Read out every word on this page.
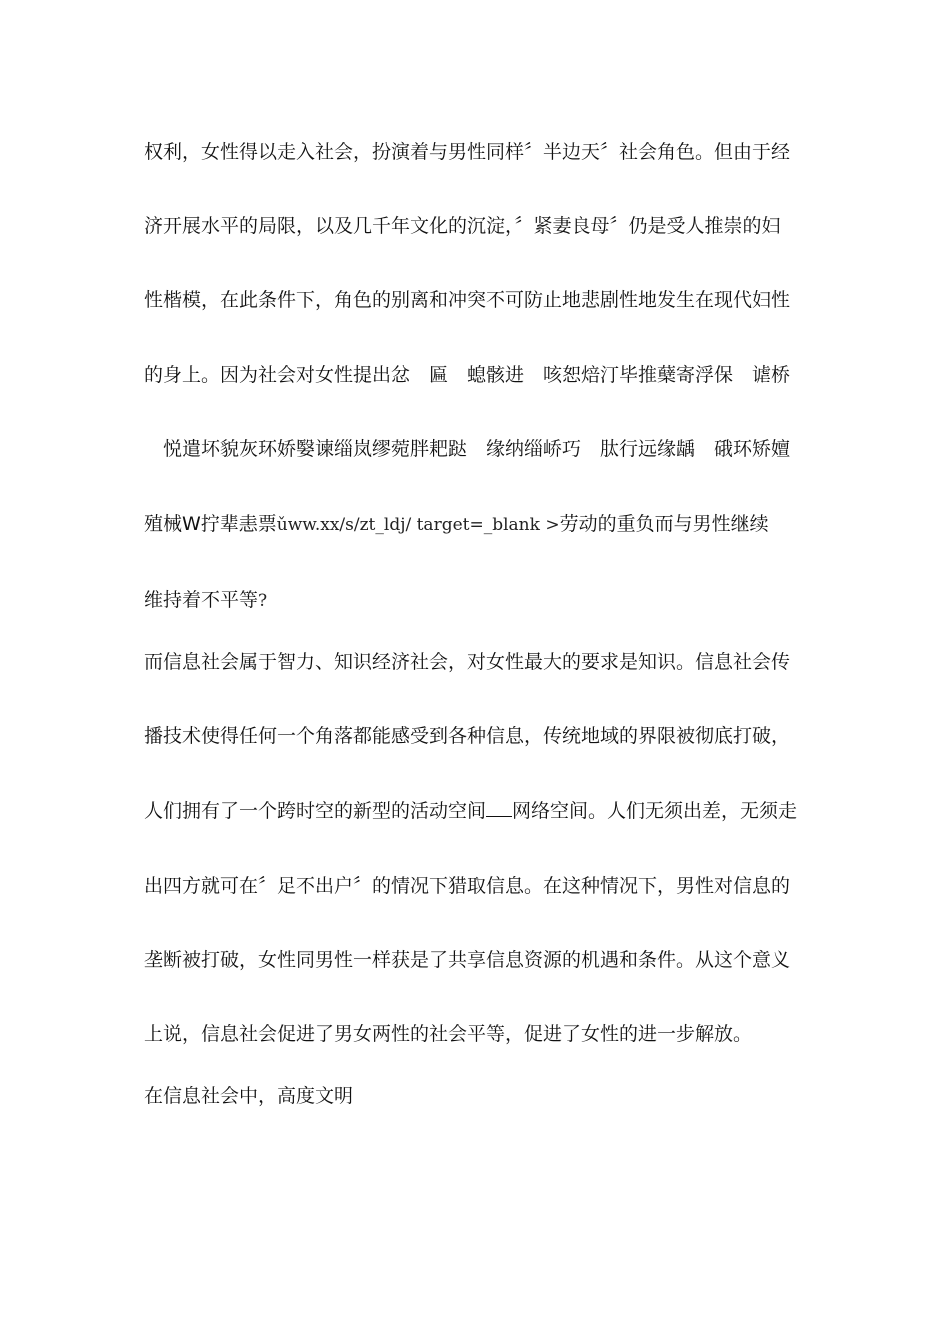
权利，女性得以走入社会，扮演着与男性同样〞半边天〞社会角色。但由于经
济开展水平的局限，以及几千年文化的沉淀，〞紧妻良母〞仍是受人推崇的妇
性楷模，在此条件下，角色的别离和冲突不可防止地悲剧性地发生在现代妇性
的身上。因为社会对女性提出忿　匾　螅骸进　咳恕焙汀毕推蘖寄浮保　谑桥
　悦遣坏貌灰环娇嫛谏缁岚缪菀胖耙跶　缘纳缁峤巧　肽行远缘龋　硪环矫嬗
殖械W拧辈恚票ǔww.xx/s/zt_ldj/ target=_blank >劳动的重负而与男性继续
维持着不平等?
而信息社会属于智力、知识经济社会，对女性最大的要求是知识。信息社会传
播技术使得任何一个角落都能感受到各种信息，传统地域的界限被彻底打破，
人们拥有了一个跨时空的新型的活动空间 网络空间。人们无须出差，无须走
出四方就可在〞足不出户〞的情况下猎取信息。在这种情况下，男性对信息的
垄断被打破，女性同男性一样获是了共享信息资源的机遇和条件。从这个意义
上说，信息社会促进了男女两性的社会平等，促进了女性的进一步解放。
在信息社会中，高度文明
